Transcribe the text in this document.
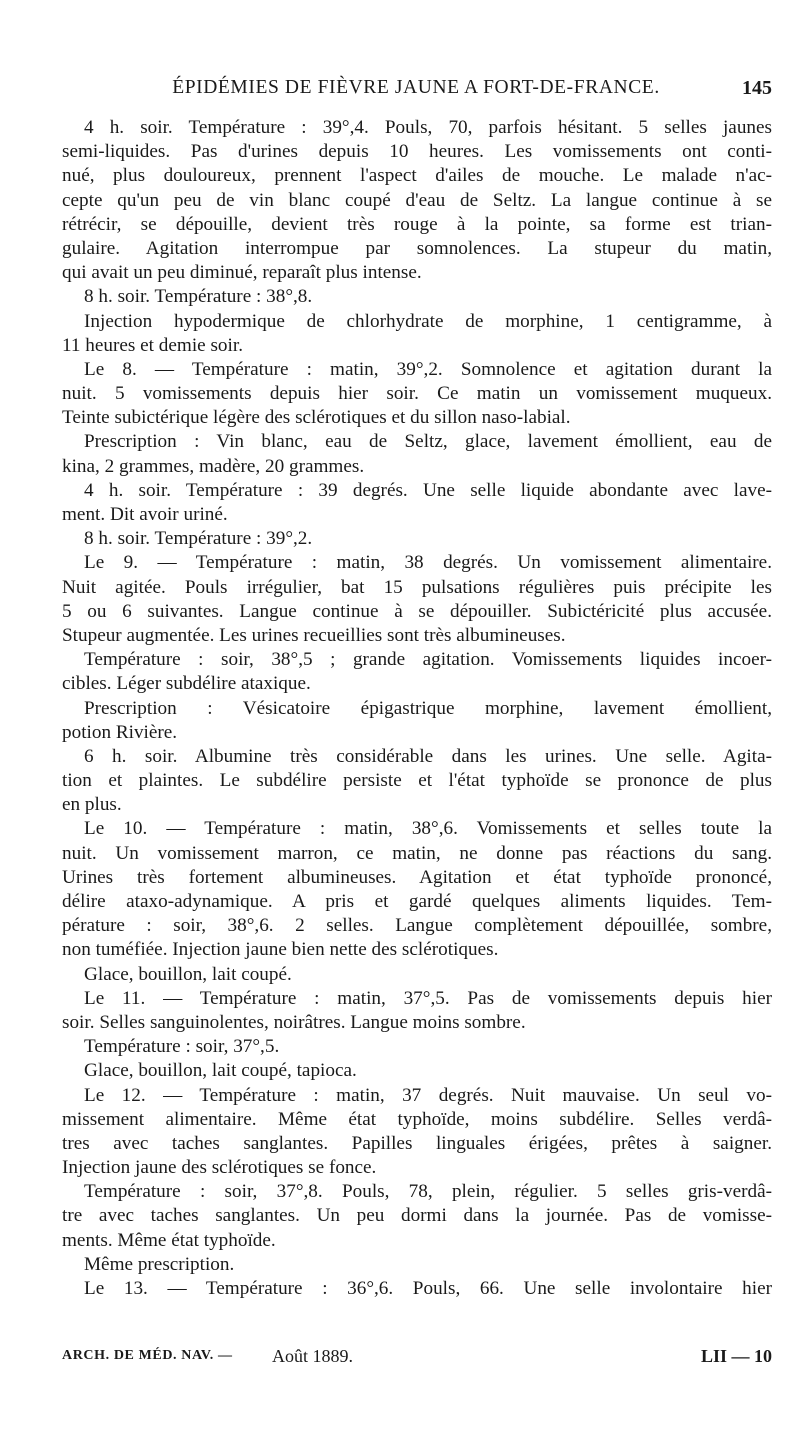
ÉPIDÉMIES DE FIÈVRE JAUNE A FORT-DE-FRANCE.	145
4 h. soir. Température : 39°,4. Pouls, 70, parfois hésitant. 5 selles jaunes
semi-liquides. Pas d'urines depuis 10 heures. Les vomissements ont conti-
nué, plus douloureux, prennent l'aspect d'ailes de mouche. Le malade n'ac-
cepte qu'un peu de vin blanc coupé d'eau de Seltz. La langue continue à se
rétrécir, se dépouille, devient très rouge à la pointe, sa forme est trian-
gulaire. Agitation interrompue par somnolences. La stupeur du matin,
qui avait un peu diminué, reparaît plus intense.
8 h. soir. Température : 38°,8.
Injection hypodermique de chlorhydrate de morphine, 1 centigramme, à
11 heures et demie soir.
Le 8. — Température : matin, 39°,2. Somnolence et agitation durant la
nuit. 5 vomissements depuis hier soir. Ce matin un vomissement muqueux.
Teinte subictérique légère des sclérotiques et du sillon naso-labial.
Prescription : Vin blanc, eau de Seltz, glace, lavement émollient, eau de
kina, 2 grammes, madère, 20 grammes.
4 h. soir. Température : 39 degrés. Une selle liquide abondante avec lave-
ment. Dit avoir uriné.
8 h. soir. Température : 39°,2.
Le 9. — Température : matin, 38 degrés. Un vomissement alimentaire.
Nuit agitée. Pouls irrégulier, bat 15 pulsations régulières puis précipite les
5 ou 6 suivantes. Langue continue à se dépouiller. Subictéricité plus accusée.
Stupeur augmentée. Les urines recueillies sont très albumineuses.
Température : soir, 38°,5 ; grande agitation. Vomissements liquides incoer-
cibles. Léger subdélire ataxique.
Prescription : Vésicatoire épigastrique morphine, lavement émollient,
potion Rivière.
6 h. soir. Albumine très considérable dans les urines. Une selle. Agita-
tion et plaintes. Le subdélire persiste et l'état typhoïde se prononce de plus
en plus.
Le 10. — Température : matin, 38°,6. Vomissements et selles toute la
nuit. Un vomissement marron, ce matin, ne donne pas réactions du sang.
Urines très fortement albumineuses. Agitation et état typhoïde prononcé,
délire ataxo-adynamique. A pris et gardé quelques aliments liquides. Tem-
pérature : soir, 38°,6. 2 selles. Langue complètement dépouillée, sombre,
non tuméfiée. Injection jaune bien nette des sclérotiques.
Glace, bouillon, lait coupé.
Le 11. — Température : matin, 37°,5. Pas de vomissements depuis hier
soir. Selles sanguinolentes, noirâtres. Langue moins sombre.
Température : soir, 37°,5.
Glace, bouillon, lait coupé, tapioca.
Le 12. — Température : matin, 37 degrés. Nuit mauvaise. Un seul vo-
missement alimentaire. Même état typhoïde, moins subdélire. Selles verdâ-
tres avec taches sanglantes. Papilles linguales érigées, prêtes à saigner.
Injection jaune des sclérotiques se fonce.
Température : soir, 37°,8. Pouls, 78, plein, régulier. 5 selles gris-verdâ-
tre avec taches sanglantes. Un peu dormi dans la journée. Pas de vomisse-
ments. Même état typhoïde.
Même prescription.
Le 13. — Température : 36°,6. Pouls, 66. Une selle involontaire hier
ARCH. DE MÉD. NAV. — Août 1889.	LII — 10
